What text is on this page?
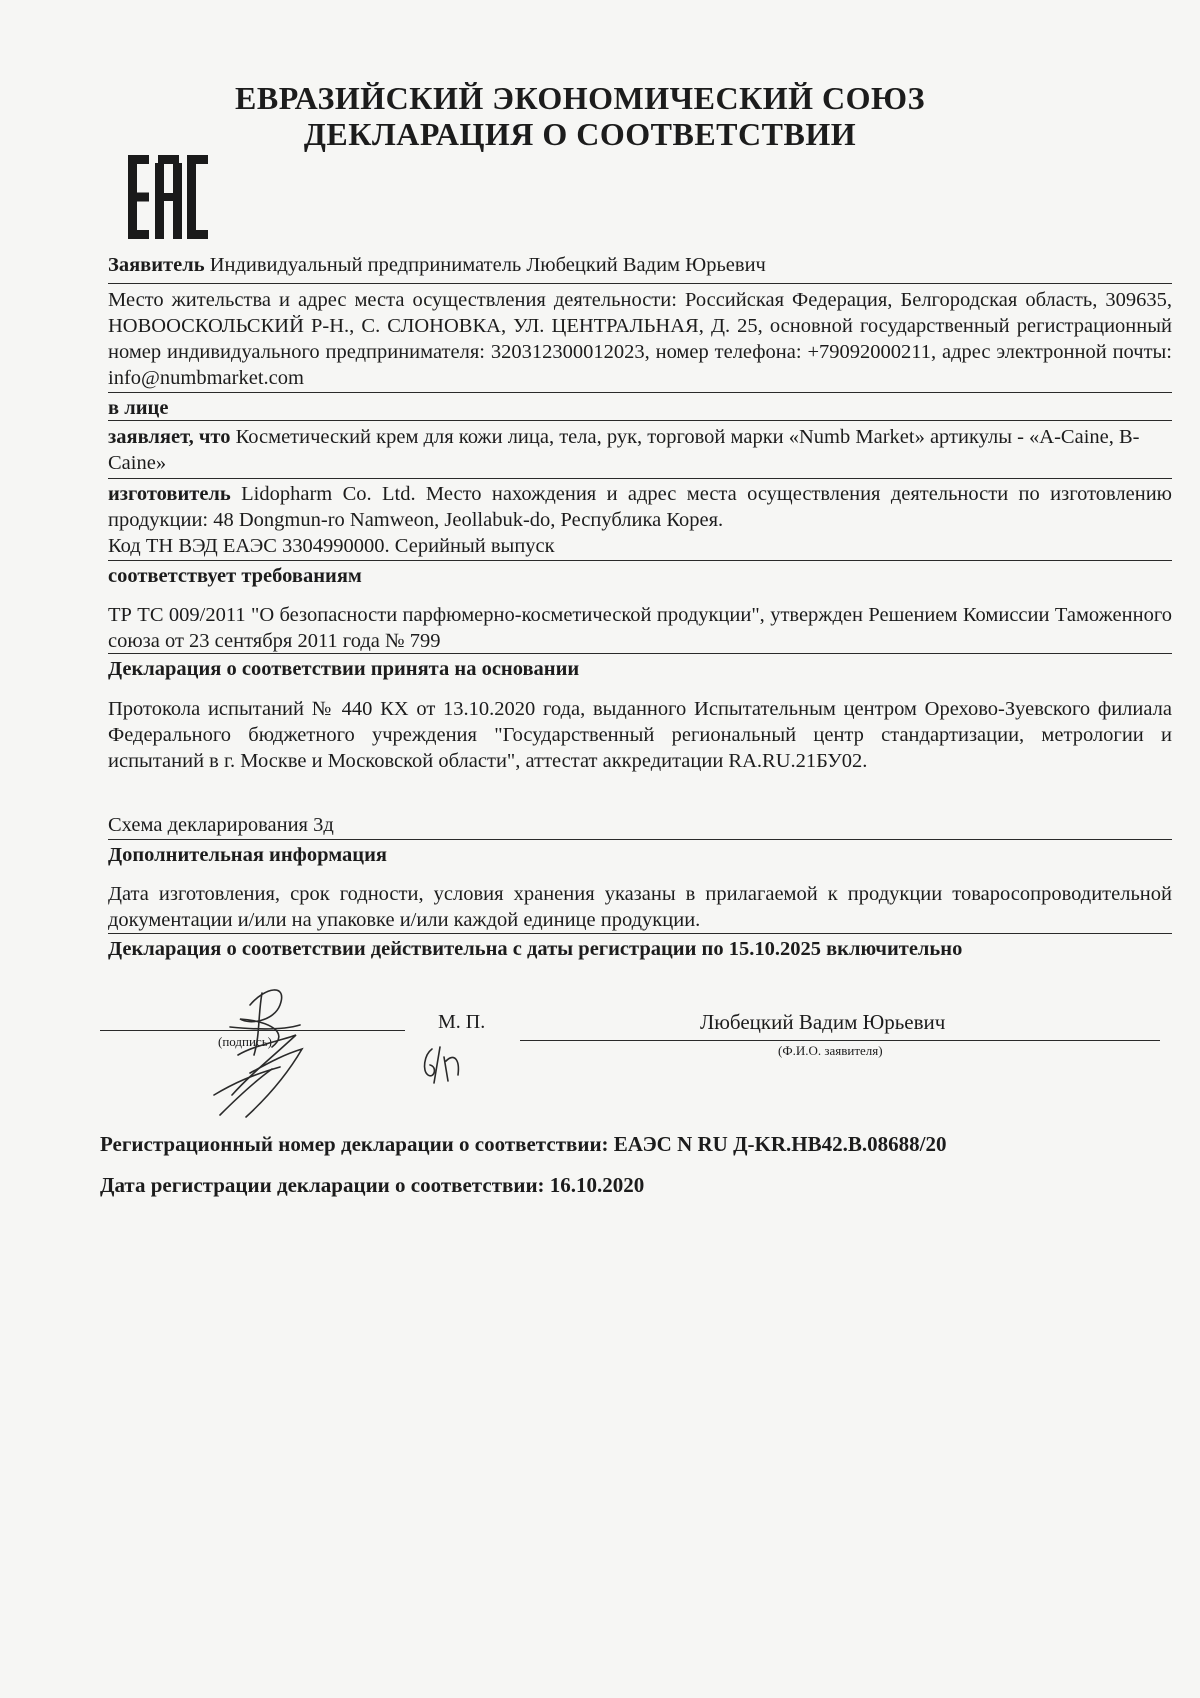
ЕВРАЗИЙСКИЙ ЭКОНОМИЧЕСКИЙ СОЮЗ
ДЕКЛАРАЦИЯ О СООТВЕТСТВИИ
Заявитель Индивидуальный предприниматель Любецкий Вадим Юрьевич
Место жительства и адрес места осуществления деятельности: Российская Федерация, Белгородская область, 309635, НОВООСКОЛЬСКИЙ Р-Н., С. СЛОНОВКА, УЛ. ЦЕНТРАЛЬНАЯ, Д. 25, основной государственный регистрационный номер индивидуального предпринимателя: 320312300012023, номер телефона: +79092000211, адрес электронной почты: info@numbmarket.com
в лице
заявляет, что Косметический крем для кожи лица, тела, рук, торговой марки «Numb Market» артикулы - «A-Caine, B-Caine»
изготовитель Lidopharm Co. Ltd. Место нахождения и адрес места осуществления деятельности по изготовлению продукции: 48 Dongmun-ro Namweon, Jeollabuk-do, Республика Корея.
Код ТН ВЭД ЕАЭС 3304990000. Серийный выпуск
соответствует требованиям
ТР ТС 009/2011 "О безопасности парфюмерно-косметической продукции", утвержден Решением Комиссии Таможенного союза от 23 сентября 2011 года № 799
Декларация о соответствии принята на основании
Протокола испытаний № 440 КХ от 13.10.2020 года, выданного Испытательным центром Орехово-Зуевского филиала Федерального бюджетного учреждения "Государственный региональный центр стандартизации, метрологии и испытаний в г. Москве и Московской области", аттестат аккредитации RA.RU.21БУ02.
Схема декларирования 3д
Дополнительная информация
Дата изготовления, срок годности, условия хранения указаны в прилагаемой к продукции товаросопроводительной документации и/или на упаковке и/или каждой единице продукции.
Декларация о соответствии действительна с даты регистрации по 15.10.2025 включительно
(подпись)
М. П.	Любецкий Вадим Юрьевич
(Ф.И.О. заявителя)
Регистрационный номер декларации о соответствии: ЕАЭС N RU Д-KR.НВ42.В.08688/20
Дата регистрации декларации о соответствии: 16.10.2020
